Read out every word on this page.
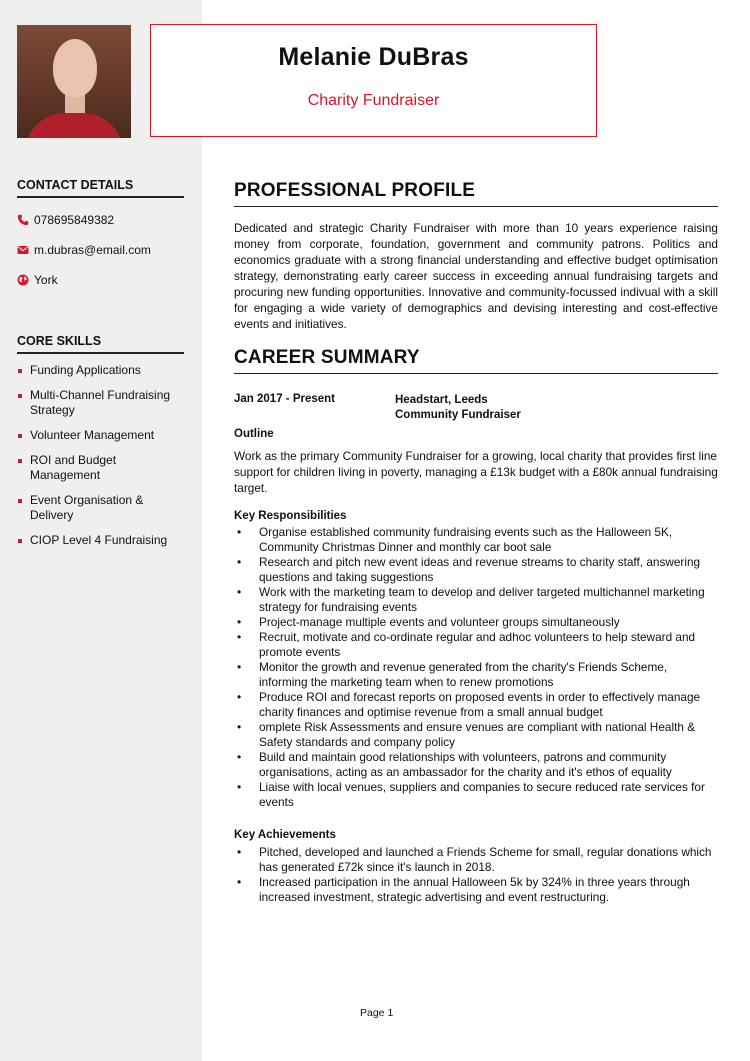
Melanie DuBras
Charity Fundraiser
CONTACT DETAILS
07869584938​2
m.dubras@email.com
York
CORE SKILLS
Funding Applications
Multi-Channel Fundraising Strategy
Volunteer Management
ROI and Budget Management
Event Organisation & Delivery
CIOP Level 4 Fundraising
PROFESSIONAL PROFILE
Dedicated and strategic Charity Fundraiser with more than 10 years experience raising money from corporate, foundation, government and community patrons. Politics and economics graduate with a strong financial understanding and effective budget optimisation strategy, demonstrating early career success in exceeding annual fundraising targets and procuring new funding opportunities. Innovative and community-focussed indivual with a skill for engaging a wide variety of demographics and devising interesting and cost-effective events and initiatives.
CAREER SUMMARY
Jan 2017 - Present	Headstart, Leeds
Community Fundraiser
Outline
Work as the primary Community Fundraiser for a growing, local charity that provides first line support for children living in poverty, managing a £13k budget with a £80k annual fundraising target.
Key Responsibilities
• Organise established community fundraising events such as the Halloween 5K, Community Christmas Dinner and monthly car boot sale
• Research and pitch new event ideas and revenue streams to charity staff, answering questions and taking suggestions
• Work with the marketing team to develop and deliver targeted multichannel marketing strategy for fundraising events
• Project-manage multiple events and volunteer groups simultaneously
• Recruit, motivate and co-ordinate regular and adhoc volunteers to help steward and promote events
• Monitor the growth and revenue generated from the charity's Friends Scheme, informing the marketing team when to renew promotions
• Produce ROI and forecast reports on proposed events in order to effectively manage charity finances and optimise revenue from a small annual budget
• omplete Risk Assessments and ensure venues are compliant with national Health & Safety standards and company policy
• Build and maintain good relationships with volunteers, patrons and community organisations, acting as an ambassador for the charity and it's ethos of equality
• Liaise with local venues, suppliers and companies to secure reduced rate services for events
Key Achievements
• Pitched, developed and launched a Friends Scheme for small, regular donations which has generated £72k since it's launch in 2018.
• Increased participation in the annual Halloween 5k by 324% in three years through increased investment, strategic advertising and event restructuring.
Page 1
